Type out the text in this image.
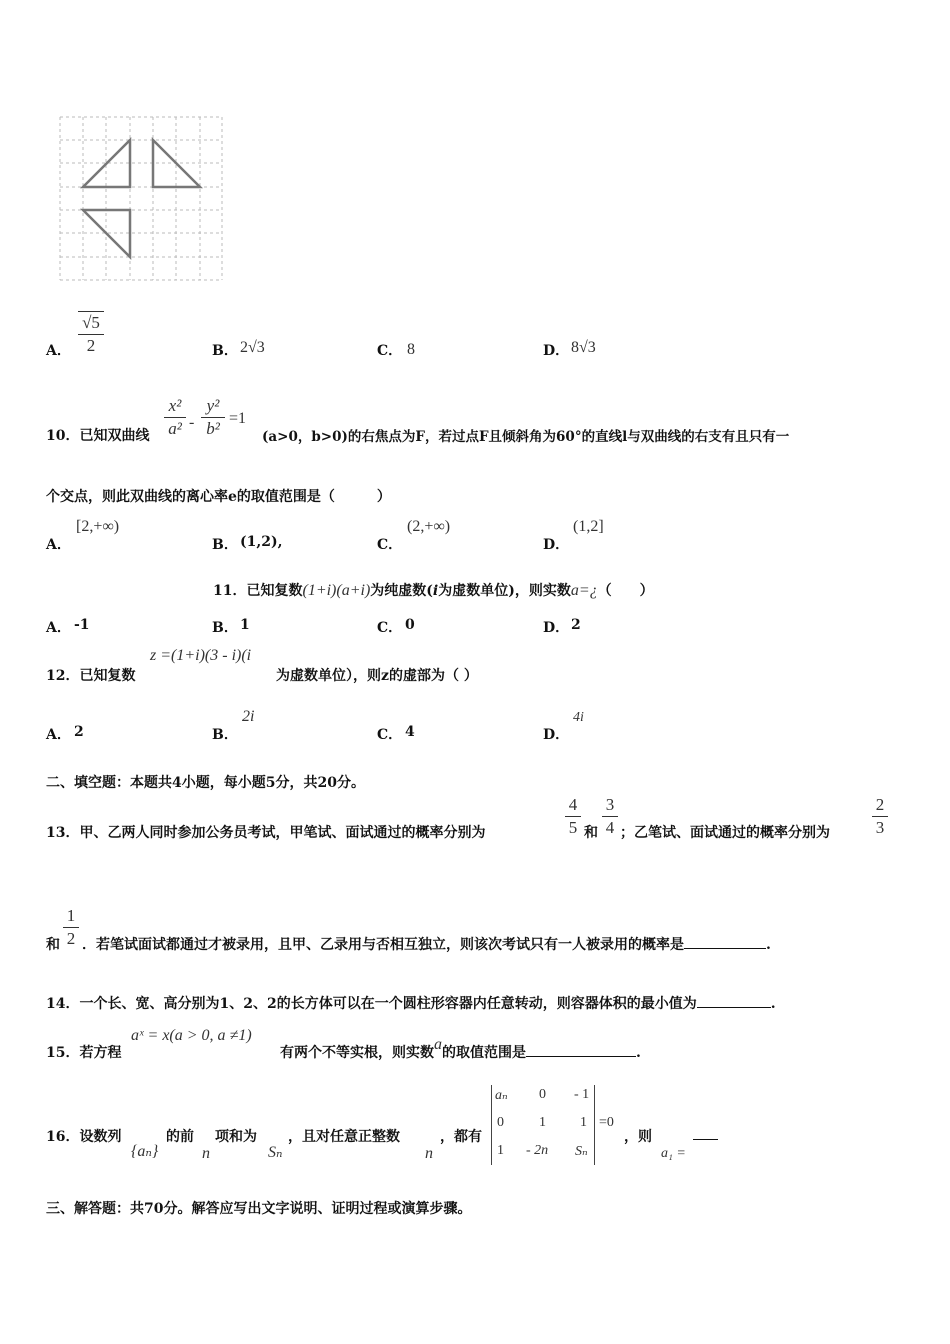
A．
√5
2	B． 2√3	C． 8	D． 8√3
10．已知双曲线
x²
a² -
y²
b²
=1
(a>0，b>0)的右焦点为F，若过点F且倾斜角为60°的直线l与双曲线的右支有且只有一
个交点，则此双曲线的离心率e的取值范围是（　　　）
A．
[2,+∞)
B． (1,2),	C．
(2,+∞)
D．
(1,2]
11．已知复数(1+i)(a+i)为纯虚数(i为虚数单位)，则实数a=¿（　　）
A． -1	B． 1	C． 0	D． 2
12．已知复数
z =(1+i)(3 - i)(i
为虚数单位），则z的虚部为（ ）
A． 2	B．
2i
C． 4	D．
4i
二、填空题：本题共4小题，每小题5分，共20分。
13．甲、乙两人同时参加公务员考试，甲笔试、面试通过的概率分别为
4
5 和
3
4 ；乙笔试、面试通过的概率分别为
2
3
和
1
2 ．若笔试面试都通过才被录用，且甲、乙录用与否相互独立，则该次考试只有一人被录用的概率是	.
14．一个长、宽、高分别为1、2、2的长方体可以在一个圆柱形容器内任意转动，则容器体积的最小值为	.
15．若方程
aˣ = x(a > 0, a ≠1)
有两个不等实根，则实数a的取值范围是	.
16．设数列
{aₙ}
的前
n
项和为
Sₙ
，且对任意正整数
n
，都有
aₙ 0 - 1
0	1 1
1 - 2n Sₙ
=0
，则
a₁ =
三、解答题：共70分。解答应写出文字说明、证明过程或演算步骤。
